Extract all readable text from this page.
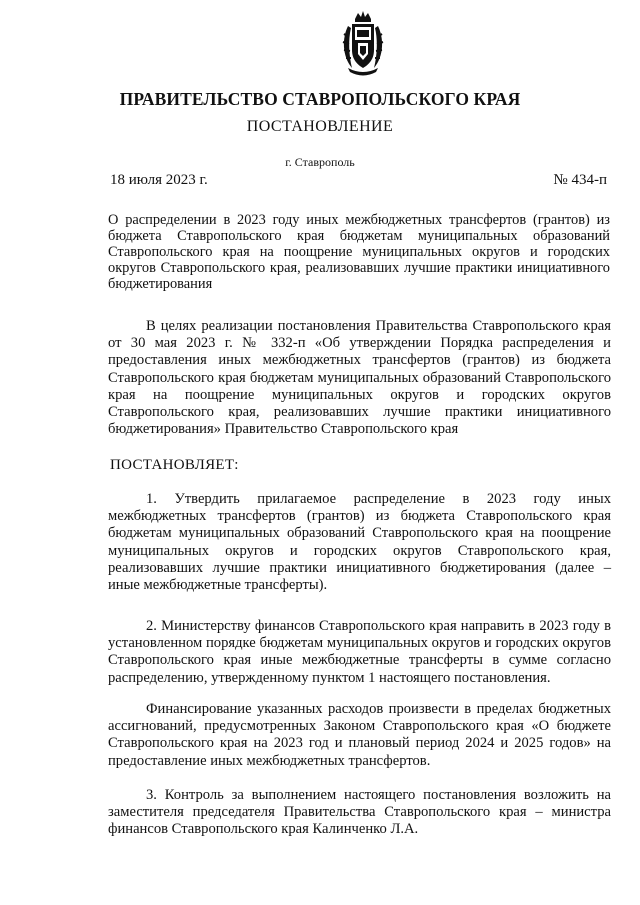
ПРАВИТЕЛЬСТВО СТАВРОПОЛЬСКОГО КРАЯ
ПОСТАНОВЛЕНИЕ
г. Ставрополь
18 июля 2023 г.	№ 434-п
О распределении в 2023 году иных межбюджетных трансфертов (грантов) из бюджета Ставропольского края бюджетам муниципальных образований Ставропольского края на поощрение муниципальных округов и городских округов Ставропольского края, реализовавших лучшие практики инициативного бюджетирования

В целях реализации постановления Правительства Ставропольского края от 30 мая 2023 г. № 332-п «Об утверждении Порядка распределения и предоставления иных межбюджетных трансфертов (грантов) из бюджета Ставропольского края бюджетам муниципальных образований Ставропольского края на поощрение муниципальных округов и городских округов Ставропольского края, реализовавших лучшие практики инициативного бюджетирования» Правительство Ставропольского края

ПОСТАНОВЛЯЕТ:

1. Утвердить прилагаемое распределение в 2023 году иных межбюджетных трансфертов (грантов) из бюджета Ставропольского края бюджетам муниципальных образований Ставропольского края на поощрение муниципальных округов и городских округов Ставропольского края, реализовавших лучшие практики инициативного бюджетирования (далее – иные межбюджетные трансферты).

2. Министерству финансов Ставропольского края направить в 2023 году в установленном порядке бюджетам муниципальных округов и городских округов Ставропольского края иные межбюджетные трансферты в сумме согласно распределению, утвержденному пунктом 1 настоящего постановления.

Финансирование указанных расходов произвести в пределах бюджетных ассигнований, предусмотренных Законом Ставропольского края «О бюджете Ставропольского края на 2023 год и плановый период 2024 и 2025 годов» на предоставление иных межбюджетных трансфертов.

3. Контроль за выполнением настоящего постановления возложить на заместителя председателя Правительства Ставропольского края – министра финансов Ставропольского края Калинченко Л.А.
